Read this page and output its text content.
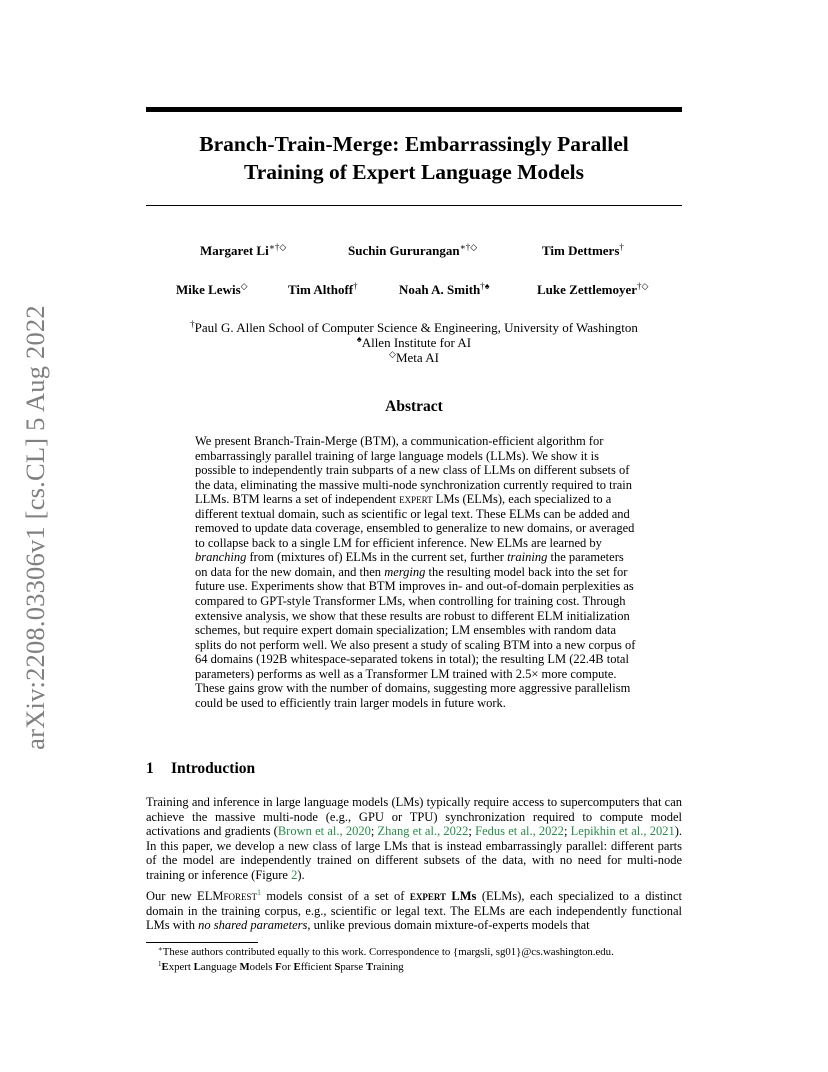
arXiv:2208.03306v1 [cs.CL] 5 Aug 2022
Branch-Train-Merge: Embarrassingly Parallel
Training of Expert Language Models
Margaret Li∗†◇	Suchin Gururangan∗†◇	Tim Dettmers†
Mike Lewis◇	Tim Althoff†	Noah A. Smith†♠	Luke Zettlemoyer†◇
†Paul G. Allen School of Computer Science & Engineering, University of Washington
♠Allen Institute for AI
◇Meta AI
Abstract
We present Branch-Train-Merge (BTM), a communication-efficient algorithm for embarrassingly parallel training of large language models (LLMs). We show it is possible to independently train subparts of a new class of LLMs on different subsets of the data, eliminating the massive multi-node synchronization currently required to train LLMs. BTM learns a set of independent expert LMs (ELMs), each specialized to a different textual domain, such as scientific or legal text. These ELMs can be added and removed to update data coverage, ensembled to generalize to new domains, or averaged to collapse back to a single LM for efficient inference. New ELMs are learned by branching from (mixtures of) ELMs in the current set, further training the parameters on data for the new domain, and then merging the resulting model back into the set for future use. Experiments show that BTM improves in- and out-of-domain perplexities as compared to GPT-style Transformer LMs, when controlling for training cost. Through extensive analysis, we show that these results are robust to different ELM initialization schemes, but require expert domain specialization; LM ensembles with random data splits do not perform well. We also present a study of scaling BTM into a new corpus of 64 domains (192B whitespace-separated tokens in total); the resulting LM (22.4B total parameters) performs as well as a Transformer LM trained with 2.5× more compute. These gains grow with the number of domains, suggesting more aggressive parallelism could be used to efficiently train larger models in future work.
1 Introduction
Training and inference in large language models (LMs) typically require access to supercomputers that can achieve the massive multi-node (e.g., GPU or TPU) synchronization required to compute model activations and gradients (Brown et al., 2020; Zhang et al., 2022; Fedus et al., 2022; Lepikhin et al., 2021). In this paper, we develop a new class of large LMs that is instead embarrassingly parallel: different parts of the model are independently trained on different subsets of the data, with no need for multi-node training or inference (Figure 2).
Our new ELMforest$^1$ models consist of a set of expert LMs (ELMs), each specialized to a distinct domain in the training corpus, e.g., scientific or legal text. The ELMs are each independently functional LMs with no shared parameters, unlike previous domain mixture-of-experts models that
∗These authors contributed equally to this work. Correspondence to {margsli, sg01}@cs.washington.edu.
$^1$Expert Language Models For Efficient Sparse Training
